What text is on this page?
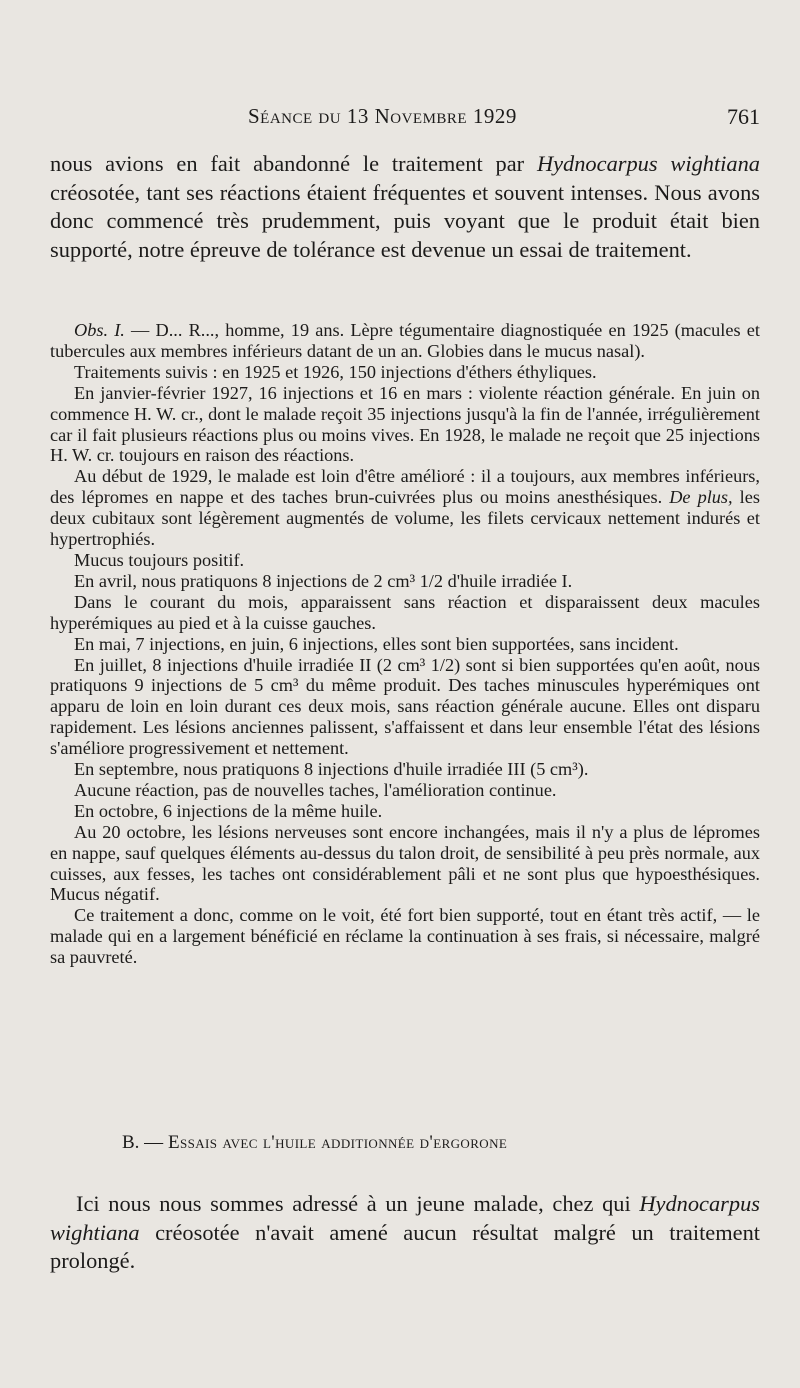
Séance du 13 Novembre 1929	761

nous avions en fait abandonné le traitement par Hydnocarpus wightiana créosotée, tant ses réactions étaient fréquentes et souvent intenses. Nous avons donc commencé très prudemment, puis voyant que le produit était bien supporté, notre épreuve de tolérance est devenue un essai de traitement.

Obs. I. — D... R..., homme, 19 ans. Lèpre tégumentaire diagnostiquée en 1925 (macules et tubercules aux membres inférieurs datant de un an. Globies dans le mucus nasal).

Traitements suivis : en 1925 et 1926, 150 injections d'éthers éthyliques.

En janvier-février 1927, 16 injections et 16 en mars : violente réaction générale. En juin on commence H. W. cr., dont le malade reçoit 35 injections jusqu'à la fin de l'année, irrégulièrement car il fait plusieurs réactions plus ou moins vives. En 1928, le malade ne reçoit que 25 injections H. W. cr. toujours en raison des réactions.

Au début de 1929, le malade est loin d'être amélioré : il a toujours, aux membres inférieurs, des lépromes en nappe et des taches brun-cuivrées plus ou moins anesthésiques. De plus, les deux cubitaux sont légèrement augmentés de volume, les filets cervicaux nettement indurés et hypertrophiés.

Mucus toujours positif.

En avril, nous pratiquons 8 injections de 2 cm³ 1/2 d'huile irradiée I.

Dans le courant du mois, apparaissent sans réaction et disparaissent deux macules hyperémiques au pied et à la cuisse gauches.

En mai, 7 injections, en juin, 6 injections, elles sont bien supportées, sans incident.

En juillet, 8 injections d'huile irradiée II (2 cm³ 1/2) sont si bien supportées qu'en août, nous pratiquons 9 injections de 5 cm³ du même produit. Des taches minuscules hyperémiques ont apparu de loin en loin durant ces deux mois, sans réaction générale aucune. Elles ont disparu rapidement. Les lésions anciennes palissent, s'affaissent et dans leur ensemble l'état des lésions s'améliore progressivement et nettement.

En septembre, nous pratiquons 8 injections d'huile irradiée III (5 cm³).

Aucune réaction, pas de nouvelles taches, l'amélioration continue.

En octobre, 6 injections de la même huile.

Au 20 octobre, les lésions nerveuses sont encore inchangées, mais il n'y a plus de lépromes en nappe, sauf quelques éléments au-dessus du talon droit, de sensibilité à peu près normale, aux cuisses, aux fesses, les taches ont considérablement pâli et ne sont plus que hypoesthésiques. Mucus négatif.

Ce traitement a donc, comme on le voit, été fort bien supporté, tout en étant très actif, — le malade qui en a largement bénéficié en réclame la continuation à ses frais, si nécessaire, malgré sa pauvreté.

B. — Essais avec l'huile additionnée d'ergorone

Ici nous nous sommes adressé à un jeune malade, chez qui Hydnocarpus wightiana créosotée n'avait amené aucun résultat malgré un traitement prolongé.
